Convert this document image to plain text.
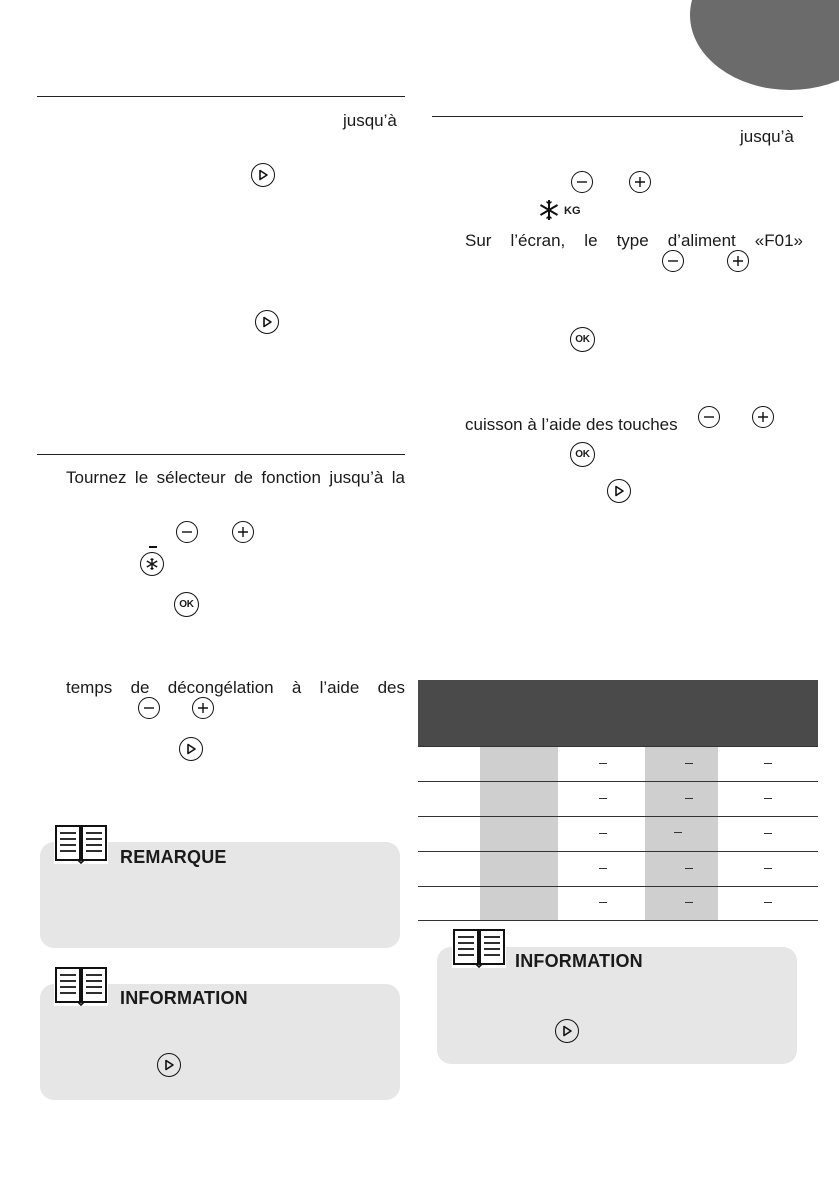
jusqu’à
Tournez le sélecteur de fonction jusqu’à la
OK
temps de décongélation à l’aide des
REMARQUE
INFORMATION
jusqu’à
KG
Sur l’écran, le type d’aliment «F01»
OK
cuisson à l’aide des touches
OK
INFORMATION
